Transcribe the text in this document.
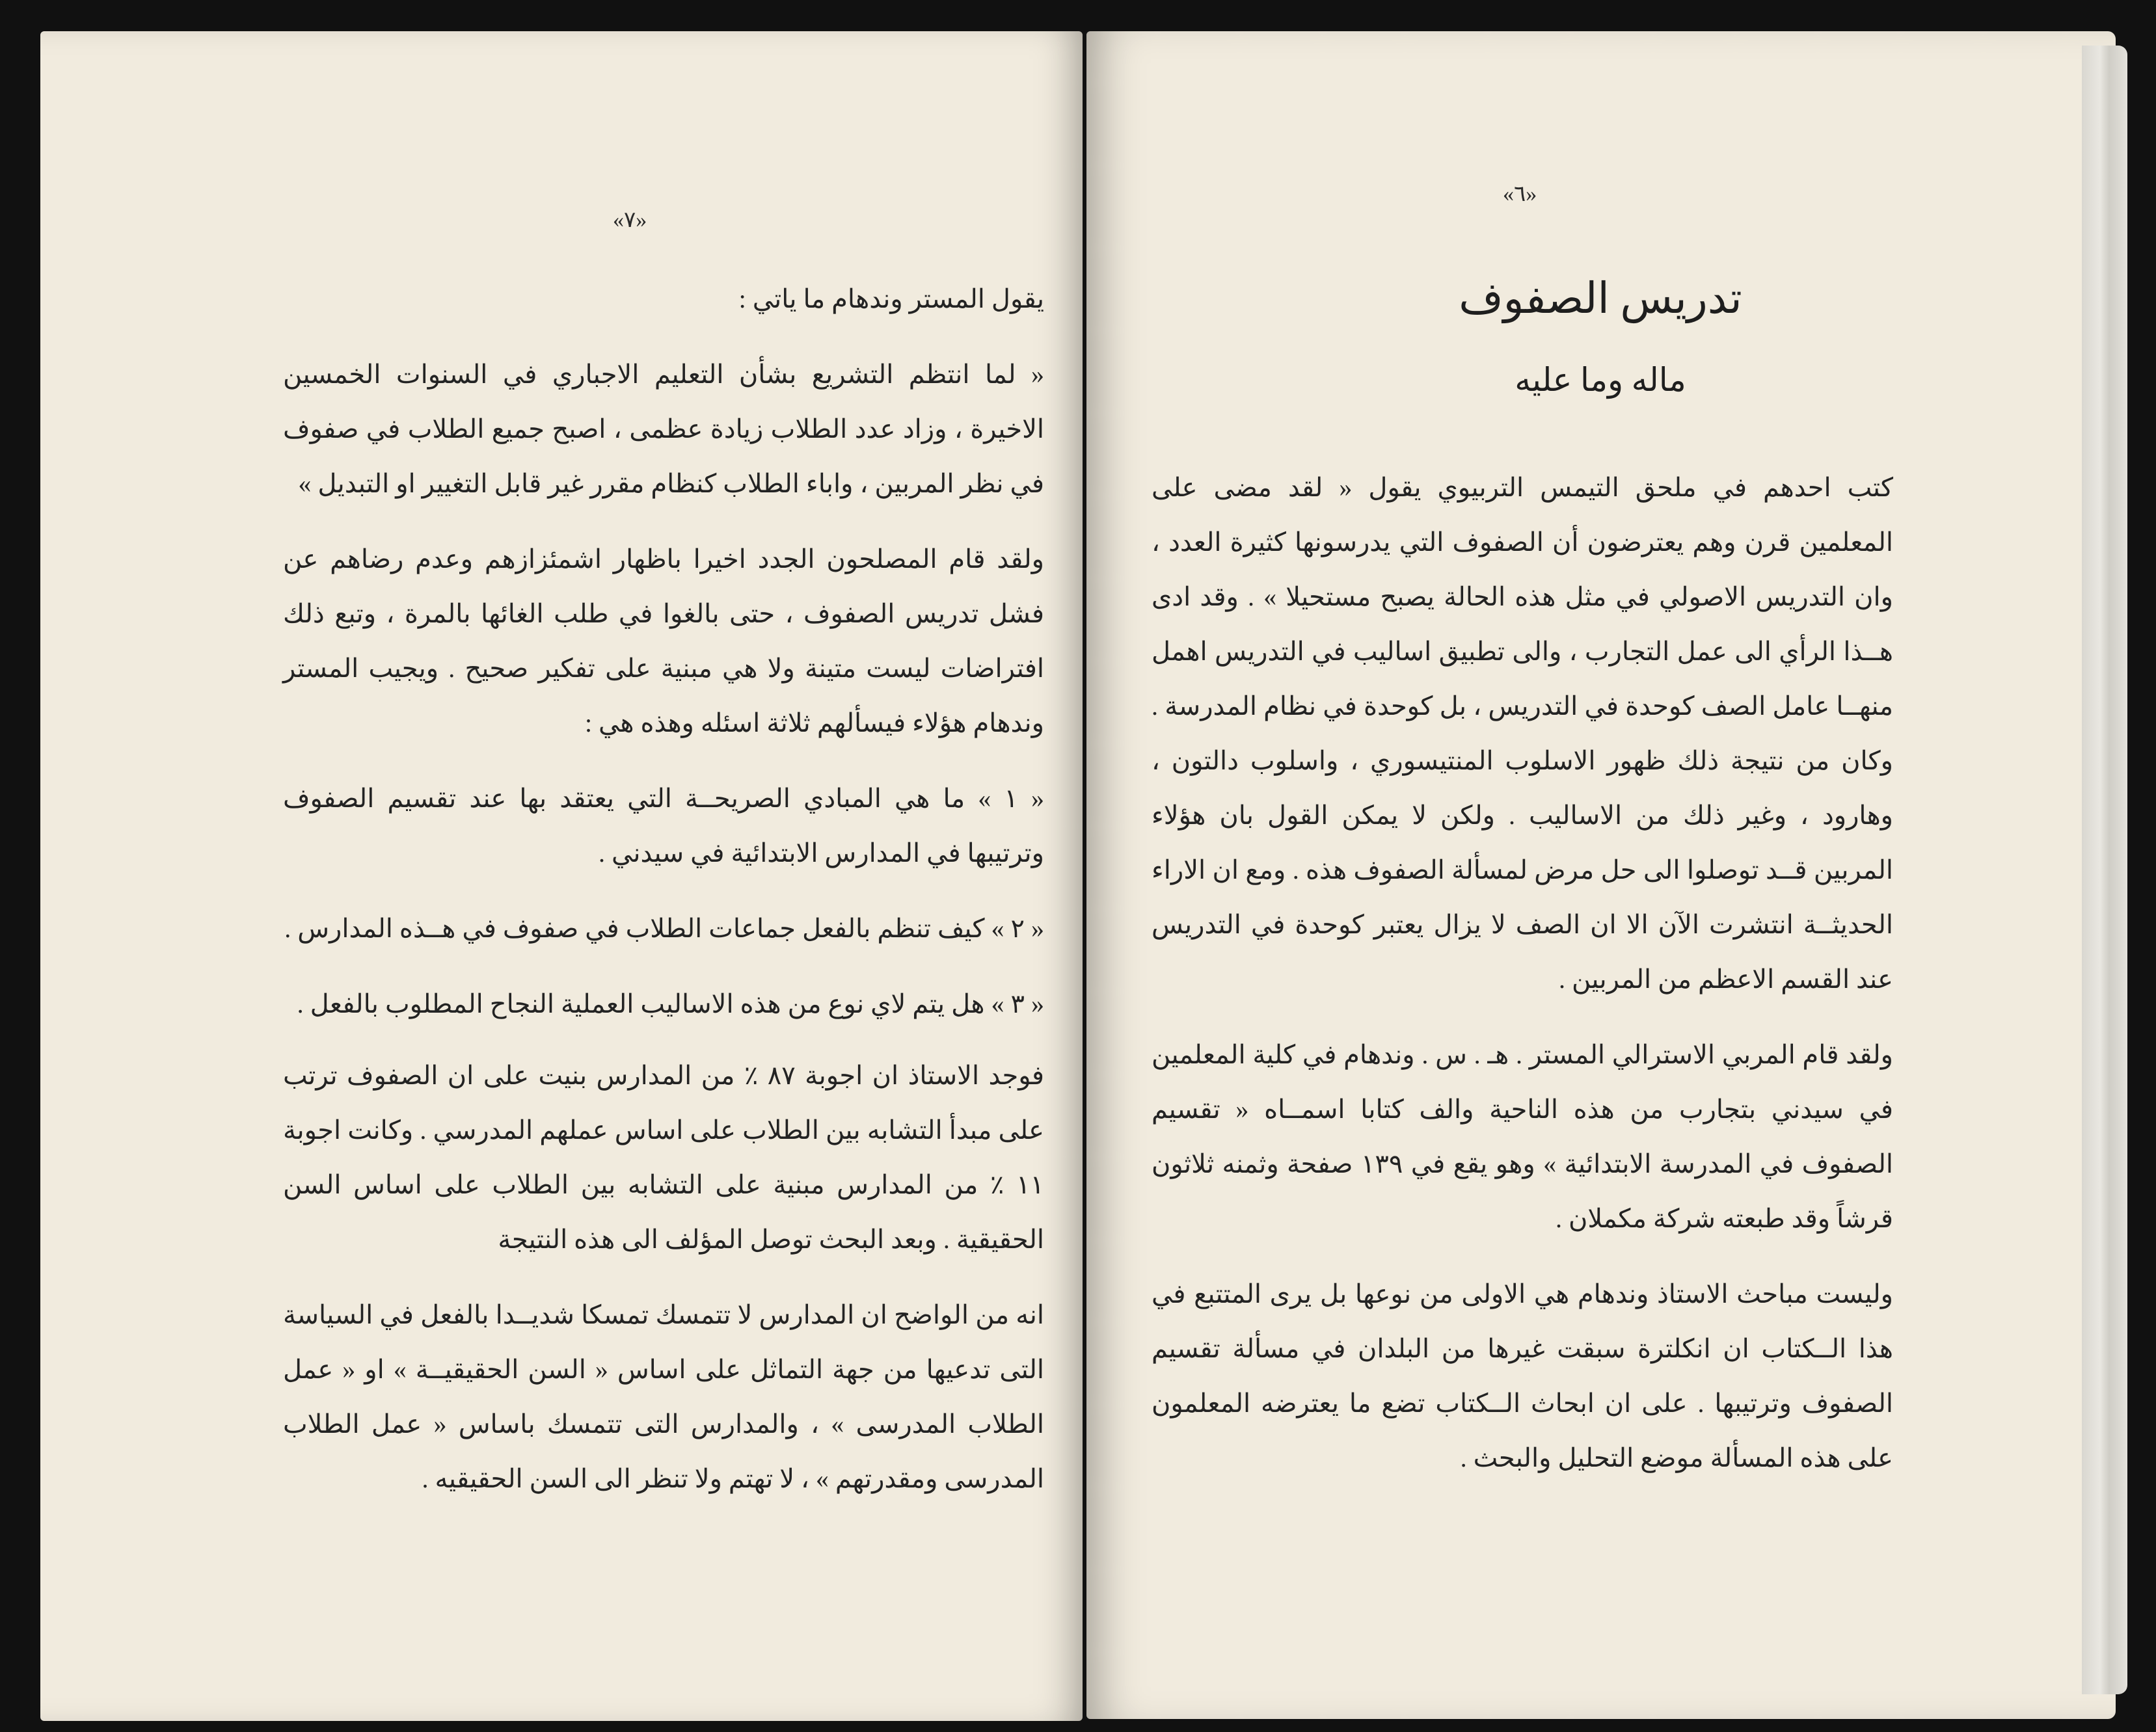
«٧»

يقول المستر وندهام ما ياتي :

« لما انتظم التشريع بشأن التعليم الاجباري في السنوات الخمسين الاخيرة ، وزاد عدد الطلاب زيادة عظمى ، اصبح جميع الطلاب في صفوف في نظر المربين ، واباء الطلاب كنظام مقرر غير قابل التغيير او التبديل »

ولقد قام المصلحون الجدد اخيرا باظهار اشمئزازهم وعدم رضاهم عن فشل تدريس الصفوف ، حتى بالغوا في طلب الغائها بالمرة ، وتبع ذلك افتراضات ليست متينة ولا هي مبنية على تفكير صحيح . ويجيب المستر وندهام هؤلاء فيسألهم ثلاثة اسئله وهذه هي :

« ١ » ما هي المبادي الصريحــة التي يعتقد بها عند تقسيم الصفوف وترتيبها في المدارس الابتدائية في سيدني .

« ٢ » كيف تنظم بالفعل جماعات الطلاب في صفوف في هــذه المدارس .

« ٣ » هل يتم لاي نوع من هذه الاساليب العملية النجاح المطلوب بالفعل .

فوجد الاستاذ ان اجوبة ٨٧ ٪ من المدارس بنيت على ان الصفوف ترتب على مبدأ التشابه بين الطلاب على اساس عملهم المدرسي . وكانت اجوبة ١١ ٪ من المدارس مبنية على التشابه بين الطلاب على اساس السن الحقيقية . وبعد البحث توصل المؤلف الى هذه النتيجة

انه من الواضح ان المدارس لا تتمسك تمسكا شديــدا بالفعل في السياسة التى تدعيها من جهة التماثل على اساس « السن الحقيقيــة » او « عمل الطلاب المدرسى » ، والمدارس التى تتمسك باساس « عمل الطلاب المدرسى ومقدرتهم » ، لا تهتم ولا تنظر الى السن الحقيقيه .

«٦»
تدريس الصفوف
ماله وما عليه

كتب احدهم في ملحق التيمس التربيوي يقول « لقد مضى على المعلمين قرن وهم يعترضون أن الصفوف التي يدرسونها كثيرة العدد ، وان التدريس الاصولي في مثل هذه الحالة يصبح مستحيلا » . وقد ادى هــذا الرأي الى عمل التجارب ، والى تطبيق اساليب في التدريس اهمل منهــا عامل الصف كوحدة في التدريس ، بل كوحدة في نظام المدرسة . وكان من نتيجة ذلك ظهور الاسلوب المنتيسوري ، واسلوب دالتون ، وهارود ، وغير ذلك من الاساليب . ولكن لا يمكن القول بان هؤلاء المربين قــد توصلوا الى حل مرض لمسألة الصفوف هذه . ومع ان الاراء الحديثــة انتشرت الآن الا ان الصف لا يزال يعتبر كوحدة في التدريس عند القسم الاعظم من المربين .

ولقد قام المربي الاسترالي المستر . هـ . س . وندهام في كلية المعلمين في سيدني بتجارب من هذه الناحية والف كتابا اسمــاه « تقسيم الصفوف في المدرسة الابتدائية » وهو يقع في ١٣٩ صفحة وثمنه ثلاثون قرشاً وقد طبعته شركة مكملان .

وليست مباحث الاستاذ وندهام هي الاولى من نوعها بل يرى المتتبع في هذا الــكتاب ان انكلترة سبقت غيرها من البلدان في مسألة تقسيم الصفوف وترتيبها . على ان ابحاث الــكتاب تضع ما يعترضه المعلمون على هذه المسألة موضع التحليل والبحث .
